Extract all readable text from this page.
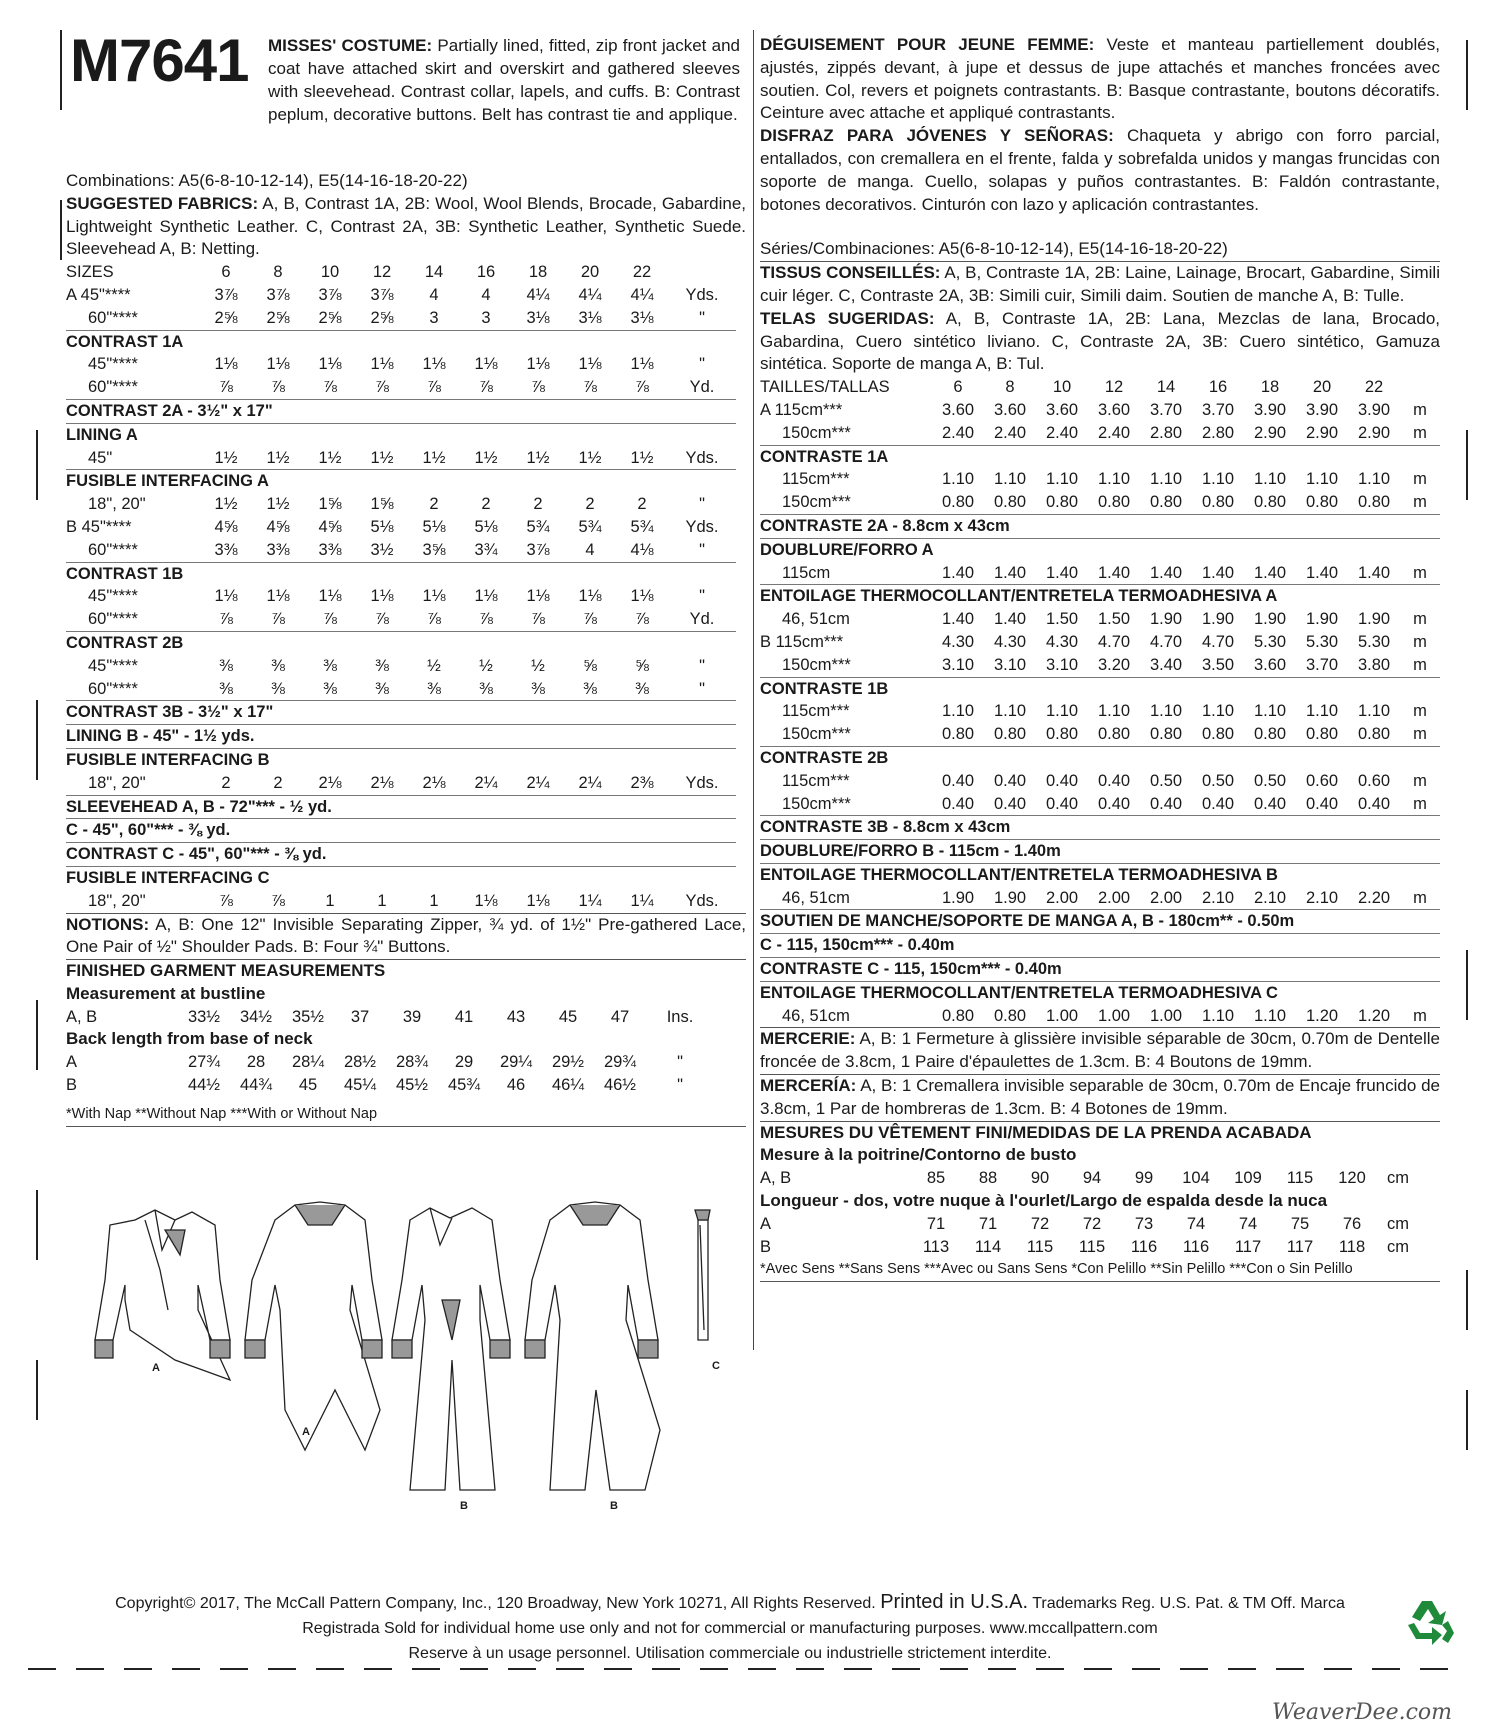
M7641 MISSES' COSTUME: Partially lined, fitted, zip front jacket and coat have attached skirt and overskirt and gathered sleeves with sleevehead. Contrast collar, lapels, and cuffs. B: Contrast peplum, decorative buttons. Belt has contrast tie and applique.
Combinations: A5(6-8-10-12-14), E5(14-16-18-20-22)
SUGGESTED FABRICS: A, B, Contrast 1A, 2B: Wool, Wool Blends, Brocade, Gabardine, Lightweight Synthetic Leather. C, Contrast 2A, 3B: Synthetic Leather, Synthetic Suede. Sleevehead A, B: Netting.
SIZES	6	8	10	12	14	16	18	20	22	
A 45"****	3⅞	3⅞	3⅞	3⅞	4	4	4¼	4¼	4¼	Yds.
60"****	2⅝	2⅝	2⅝	2⅝	3	3	3⅛	3⅛	3⅛	"
CONTRAST 1A										
45"****	1⅛	1⅛	1⅛	1⅛	1⅛	1⅛	1⅛	1⅛	1⅛	"
60"****	⅞	⅞	⅞	⅞	⅞	⅞	⅞	⅞	⅞	Yd.
CONTRAST 2A - 3½" x 17"										
LINING A										
45"	1½	1½	1½	1½	1½	1½	1½	1½	1½	Yds.
FUSIBLE INTERFACING A										
18", 20"	1½	1½	1⅝	1⅝	2	2	2	2	2	"
B 45"****	4⅝	4⅝	4⅝	5⅛	5⅛	5⅛	5¾	5¾	5¾	Yds.
60"****	3⅜	3⅜	3⅜	3½	3⅝	3¾	3⅞	4	4⅛	"
CONTRAST 1B										
45"****	1⅛	1⅛	1⅛	1⅛	1⅛	1⅛	1⅛	1⅛	1⅛	"
60"****	⅞	⅞	⅞	⅞	⅞	⅞	⅞	⅞	⅞	Yd.
CONTRAST 2B										
45"****	⅜	⅜	⅜	⅜	½	½	½	⅝	⅝	"
60"****	⅜	⅜	⅜	⅜	⅜	⅜	⅜	⅜	⅜	"
CONTRAST 3B - 3½" x 17"										
LINING B - 45" - 1½ yds.										
FUSIBLE INTERFACING B										
18", 20"	2	2	2⅛	2⅛	2⅛	2¼	2¼	2¼	2⅜	Yds.
SLEEVEHEAD A, B - 72"*** - ½ yd.										
C - 45", 60"*** - ⅜ yd.										
CONTRAST C - 45", 60"*** - ⅜ yd.										
FUSIBLE INTERFACING C										
18", 20"	⅞	⅞	1	1	1	1⅛	1⅛	1¼	1¼	Yds.
NOTIONS: A, B: One 12" Invisible Separating Zipper, ¾ yd. of 1½" Pre-gathered Lace, One Pair of ½" Shoulder Pads. B: Four ¾" Buttons.
FINISHED GARMENT MEASUREMENTS
Measurement at bustline
A, B	33½	34½	35½	37	39	41	43	45	47	Ins.
Back length from base of neck
A	27¾	28	28¼	28½	28¾	29	29¼	29½	29¾	"
B	44½	44¾	45	45¼	45½	45¾	46	46¼	46½	"
*With Nap **Without Nap ***With or Without Nap
DÉGUISEMENT POUR JEUNE FEMME: Veste et manteau partiellement doublés, ajustés, zippés devant, à jupe et dessus de jupe attachés et manches froncées avec soutien. Col, revers et poignets contrastants. B: Basque contrastante, boutons décoratifs. Ceinture avec attache et appliqué contrastants.
DISFRAZ PARA JÓVENES Y SEÑORAS: Chaqueta y abrigo con forro parcial, entallados, con cremallera en el frente, falda y sobrefalda unidos y mangas fruncidas con soporte de manga. Cuello, solapas y puños contrastantes. B: Faldón contrastante, botones decorativos. Cinturón con lazo y aplicación contrastantes.
Séries/Combinaciones: A5(6-8-10-12-14), E5(14-16-18-20-22)
TISSUS CONSEILLÉS: A, B, Contraste 1A, 2B: Laine, Lainage, Brocart, Gabardine, Simili cuir léger. C, Contraste 2A, 3B: Simili cuir, Simili daim. Soutien de manche A, B: Tulle.
TELAS SUGERIDAS: A, B, Contraste 1A, 2B: Lana, Mezclas de lana, Brocado, Gabardina, Cuero sintético liviano. C, Contraste 2A, 3B: Cuero sintético, Gamuza sintética. Soporte de manga A, B: Tul.
TAILLES/TALLAS	6	8	10	12	14	16	18	20	22	
A 115cm***	3.60	3.60	3.60	3.60	3.70	3.70	3.90	3.90	3.90	m
150cm***	2.40	2.40	2.40	2.40	2.80	2.80	2.90	2.90	2.90	m
CONTRASTE 1A										
115cm***	1.10	1.10	1.10	1.10	1.10	1.10	1.10	1.10	1.10	m
150cm***	0.80	0.80	0.80	0.80	0.80	0.80	0.80	0.80	0.80	m
CONTRASTE 2A - 8.8cm x 43cm										
DOUBLURE/FORRO A										
115cm	1.40	1.40	1.40	1.40	1.40	1.40	1.40	1.40	1.40	m
ENTOILAGE THERMOCOLLANT/ENTRETELA TERMOADHESIVA A										
46, 51cm	1.40	1.40	1.50	1.50	1.90	1.90	1.90	1.90	1.90	m
B 115cm***	4.30	4.30	4.30	4.70	4.70	4.70	5.30	5.30	5.30	m
150cm***	3.10	3.10	3.10	3.20	3.40	3.50	3.60	3.70	3.80	m
CONTRASTE 1B										
115cm***	1.10	1.10	1.10	1.10	1.10	1.10	1.10	1.10	1.10	m
150cm***	0.80	0.80	0.80	0.80	0.80	0.80	0.80	0.80	0.80	m
CONTRASTE 2B										
115cm***	0.40	0.40	0.40	0.40	0.50	0.50	0.50	0.60	0.60	m
150cm***	0.40	0.40	0.40	0.40	0.40	0.40	0.40	0.40	0.40	m
CONTRASTE 3B - 8.8cm x 43cm										
DOUBLURE/FORRO B - 115cm - 1.40m										
ENTOILAGE THERMOCOLLANT/ENTRETELA TERMOADHESIVA B										
46, 51cm	1.90	1.90	2.00	2.00	2.00	2.10	2.10	2.10	2.20	m
SOUTIEN DE MANCHE/SOPORTE DE MANGA A, B - 180cm** - 0.50m										
C - 115, 150cm*** - 0.40m										
CONTRASTE C - 115, 150cm*** - 0.40m										
ENTOILAGE THERMOCOLLANT/ENTRETELA TERMOADHESIVA C										
46, 51cm	0.80	0.80	1.00	1.00	1.00	1.10	1.10	1.20	1.20	m
MERCERIE: A, B: 1 Fermeture à glissière invisible séparable de 30cm, 0.70m de Dentelle froncée de 3.8cm, 1 Paire d'épaulettes de 1.3cm. B: 4 Boutons de 19mm.
MERCERÍA: A, B: 1 Cremallera invisible separable de 30cm, 0.70m de Encaje fruncido de 3.8cm, 1 Par de hombreras de 1.3cm. B: 4 Botones de 19mm.
MESURES DU VÊTEMENT FINI/MEDIDAS DE LA PRENDA ACABADA
Mesure à la poitrine/Contorno de busto
A, B	85	88	90	94	99	104	109	115	120	cm
Longueur - dos, votre nuque à l'ourlet/Largo de espalda desde la nuca
A	71	71	72	72	73	74	74	75	76	cm
B	113	114	115	115	116	116	117	117	118	cm
*Avec Sens **Sans Sens ***Avec ou Sans Sens *Con Pelillo **Sin Pelillo ***Con o Sin Pelillo
A
A
B	B
C
Copyright© 2017, The McCall Pattern Company, Inc., 120 Broadway, New York 10271, All Rights Reserved. Printed in U.S.A. Trademarks Reg. U.S. Pat. & TM Off. Marca
Registrada Sold for individual home use only and not for commercial or manufacturing purposes. www.mccallpattern.com
Reserve à un usage personnel. Utilisation commerciale ou industrielle strictement interdite.
WeaverDee.com
